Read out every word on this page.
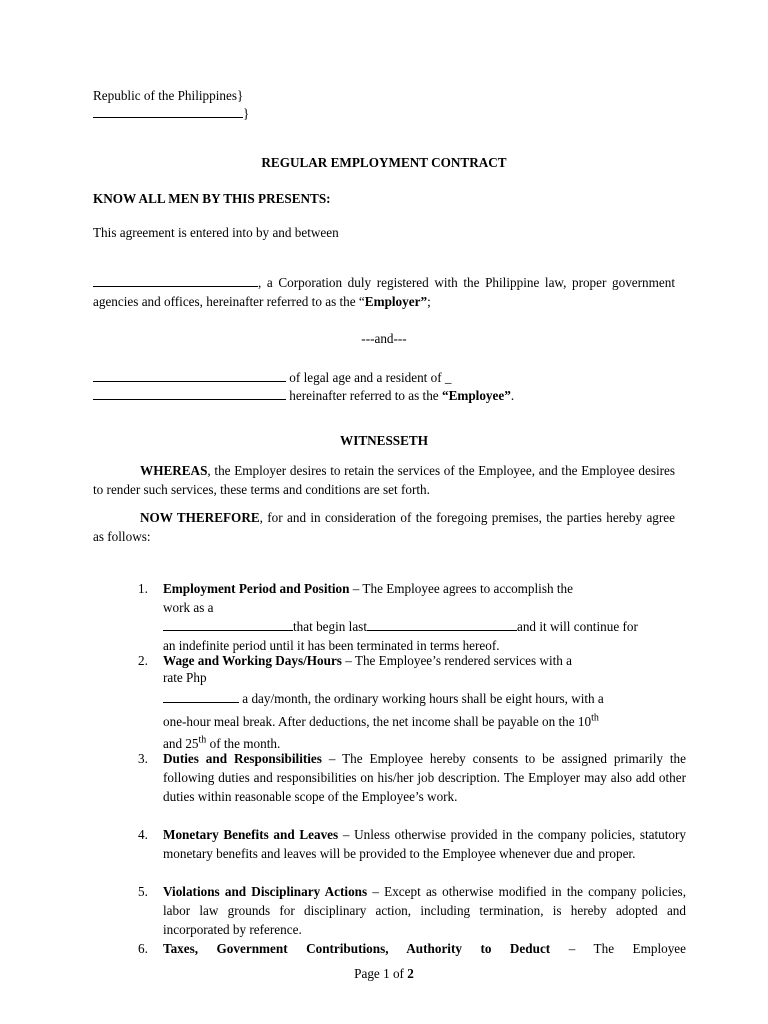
Republic of the Philippines}
}
REGULAR EMPLOYMENT CONTRACT
KNOW ALL MEN BY THIS PRESENTS:
This agreement is entered into by and between
, a Corporation duly registered with the Philippine law, proper government agencies and offices, hereinafter referred to as the “Employer”;
---and---
of legal age and a resident of _
hereinafter referred to as the “Employee”.
WITNESSETH
WHEREAS, the Employer desires to retain the services of the Employee, and the Employee desires to render such services, these terms and conditions are set forth.
NOW THEREFORE, for and in consideration of the foregoing premises, the parties hereby agree as follows:
1.	Employment Period and Position – The Employee agrees to accomplish the
work as a
that begin last	and it will continue for
an indefinite period until it has been terminated in terms hereof.
2.	Wage and Working Days/Hours – The Employee’s rendered services with a
rate Php
a day/month, the ordinary working hours shall be eight hours, with a
one-hour meal break. After deductions, the net income shall be payable on the 10th
and 25th of the month.
3.	Duties and Responsibilities – The Employee hereby consents to be assigned primarily the following duties and responsibilities on his/her job description. The Employer may also add other duties within reasonable scope of the Employee’s work.
4.	Monetary Benefits and Leaves – Unless otherwise provided in the company policies, statutory monetary benefits and leaves will be provided to the Employee whenever due and proper.
5.	Violations and Disciplinary Actions – Except as otherwise modified in the company policies, labor law grounds for disciplinary action, including termination, is hereby adopted and incorporated by reference.
6.	Taxes, Government Contributions, Authority to Deduct – The Employee
Page 1 of 2
